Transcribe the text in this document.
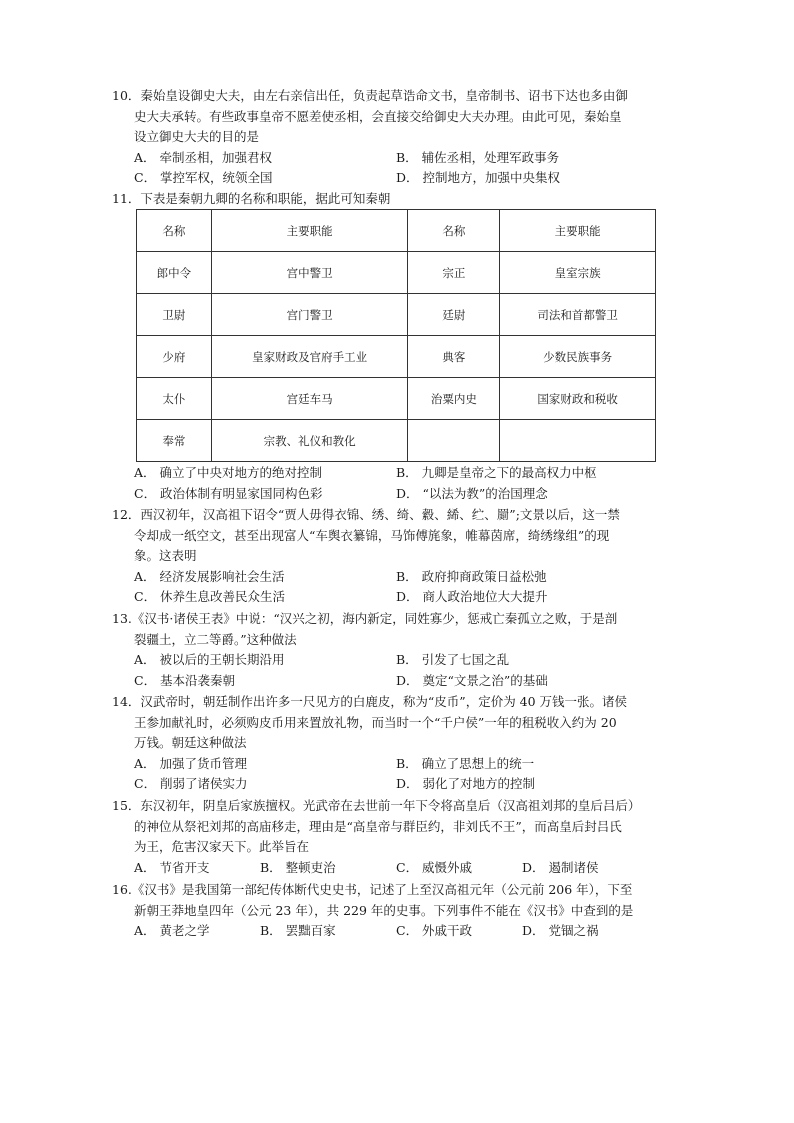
10．秦始皇设御史大夫，由左右亲信出任，负责起草诰命文书，皇帝制书、诏书下达也多由御
史大夫承转。有些政事皇帝不愿差使丞相，会直接交给御史大夫办理。由此可见，秦始皇
设立御史大夫的目的是
A． 牵制丞相，加强君权	B． 辅佐丞相，处理军政事务
C． 掌控军权，统领全国	D． 控制地方，加强中央集权
11．下表是秦朝九卿的名称和职能，据此可知秦朝
名称	主要职能	名称	主要职能
郎中令	宫中警卫	宗正	皇室宗族
卫尉	宫门警卫	廷尉	司法和首都警卫
少府	皇家财政及官府手工业	典客	少数民族事务
太仆	宫廷车马	治粟内史	国家财政和税收
奉常	宗教、礼仪和教化		
A． 确立了中央对地方的绝对控制	B． 九卿是皇帝之下的最高权力中枢
C． 政治体制有明显家国同构色彩	D． “以法为教”的治国理念
12．西汉初年，汉高祖下诏令“贾人毋得衣锦、绣、绮、縠、絺、纻、罽”;文景以后，这一禁
令却成一纸空文，甚至出现富人“车舆衣纂锦，马饰傅旄象，帷幕茵席，绮绣缘组”的现
象。这表明
A． 经济发展影响社会生活	B． 政府抑商政策日益松弛
C． 休养生息改善民众生活	D． 商人政治地位大大提升
13.《汉书·诸侯王表》中说：“汉兴之初，海内新定，同姓寡少，惩戒亡秦孤立之败，于是剖
裂疆土，立二等爵。”这种做法
A． 被以后的王朝长期沿用	B． 引发了七国之乱
C． 基本沿袭秦朝	D． 奠定“文景之治”的基础
14．汉武帝时，朝廷制作出许多一尺见方的白鹿皮，称为“皮币”，定价为 40 万钱一张。诸侯
王参加献礼时，必须购皮币用来置放礼物，而当时一个“千户侯”一年的租税收入约为 20
万钱。朝廷这种做法
A． 加强了货币管理	B． 确立了思想上的统一
C． 削弱了诸侯实力	D． 弱化了对地方的控制
15．东汉初年，阴皇后家族擅权。光武帝在去世前一年下令将高皇后（汉高祖刘邦的皇后吕后）
的神位从祭祀刘邦的高庙移走，理由是“高皇帝与群臣约，非刘氏不王”，而高皇后封吕氏
为王，危害汉家天下。此举旨在
A． 节省开支	B． 整顿吏治	C． 威慑外戚	D． 遏制诸侯
16.《汉书》是我国第一部纪传体断代史史书，记述了上至汉高祖元年（公元前 206 年），下至
新朝王莽地皇四年（公元 23 年），共 229 年的史事。下列事件不能在《汉书》中查到的是
A． 黄老之学	B． 罢黜百家	C． 外戚干政	D． 党锢之祸
